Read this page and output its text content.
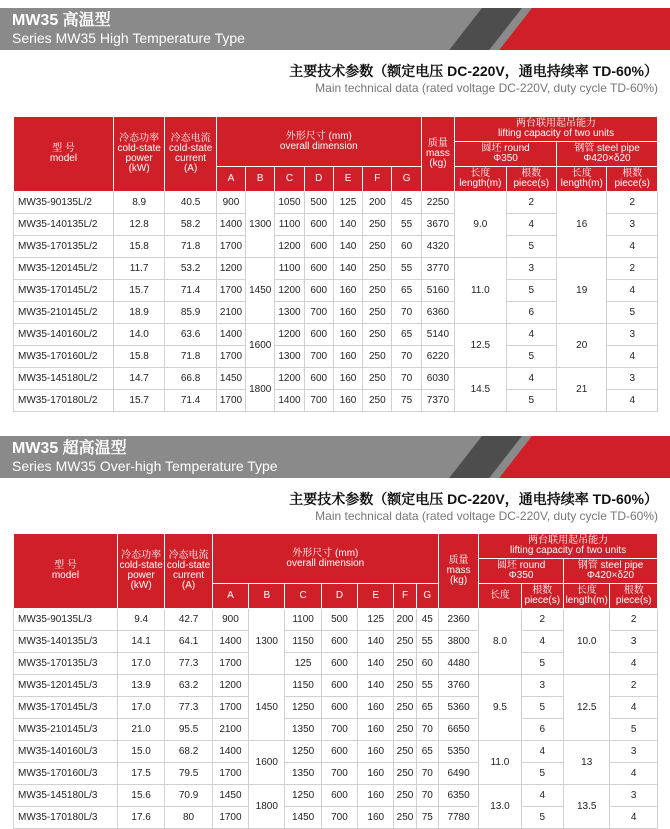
MW35 高温型
Series MW35 High Temperature Type
主要技术参数（额定电压 DC-220V，通电持续率 TD-60%）
Main technical data (rated voltage DC-220V, duty cycle TD-60%)
型 号
model	冷态功率
cold-state
power
(kW)	冷态电流
cold-state
current
(A)	外形尺寸 (mm)
overall dimension							质量
mass
(kg)	两台联用起吊能力
lifting capacity of two units			

											圆坯 round
Φ350		钢管 steel pipe
Φ420×δ20	

			A	B	C	D	E	F	G		长度
length(m)	根数
piece(s)	长度
length(m)	根数
piece(s)

MW35-90135L/2	8.9	40.5	900	1300	1050	500	125	200	45	2250	9.0	2	16	2
MW35-140135L/2	12.8	58.2	1400		1100	600	140	250	55	3670		4		3
MW35-170135L/2	15.8	71.8	1700		1200	600	140	250	60	4320		5		4
MW35-120145L/2	11.7	53.2	1200	1450	1100	600	140	250	55	3770	11.0	3	19	2
MW35-170145L/2	15.7	71.4	1700		1200	600	160	250	65	5160		5		4
MW35-210145L/2	18.9	85.9	2100		1300	700	160	250	70	6360		6		5
MW35-140160L/2	14.0	63.6	1400	1600	1200	600	160	250	65	5140	12.5	4	20	3
MW35-170160L/2	15.8	71.8	1700		1300	700	160	250	70	6220		5		4
MW35-145180L/2	14.7	66.8	1450	1800	1200	600	160	250	70	6030	14.5	4	21	3
MW35-170180L/2	15.7	71.4	1700		1400	700	160	250	75	7370		5		4
MW35 超高温型
Series MW35 Over-high Temperature Type
主要技术参数（额定电压 DC-220V，通电持续率 TD-60%）
Main technical data (rated voltage DC-220V, duty cycle TD-60%)
型 号
model	冷态功率
cold-state
power
(kW)	冷态电流
cold-state
current
(A)	外形尺寸 (mm)
overall dimension							质量
mass
(kg)	两台联用起吊能力
lifting capacity of two units			

											圆坯 round
Φ350		钢管 steel pipe
Φ420×δ20	

			A	B	C	D	E	F	G		长度	根数
piece(s)	长度
length(m)	根数
piece(s)

MW35-90135L/3	9.4	42.7	900	1300	1100	500	125	200	45	2360	8.0	2	10.0	2
MW35-140135L/3	14.1	64.1	1400		1150	600	140	250	55	3800		4		3
MW35-170135L/3	17.0	77.3	1700		125	600	140	250	60	4480		5		4
MW35-120145L/3	13.9	63.2	1200	1450	1150	600	140	250	55	3760	9.5	3	12.5	2
MW35-170145L/3	17.0	77.3	1700		1250	600	160	250	65	5360		5		4
MW35-210145L/3	21.0	95.5	2100		1350	700	160	250	70	6650		6		5
MW35-140160L/3	15.0	68.2	1400	1600	1250	600	160	250	65	5350	11.0	4	13	3
MW35-170160L/3	17.5	79.5	1700		1350	700	160	250	70	6490		5		4
MW35-145180L/3	15.6	70.9	1450	1800	1250	600	160	250	70	6350	13.0	4	13.5	3
MW35-170180L/3	17.6	80	1700		1450	700	160	250	75	7780		5		4
